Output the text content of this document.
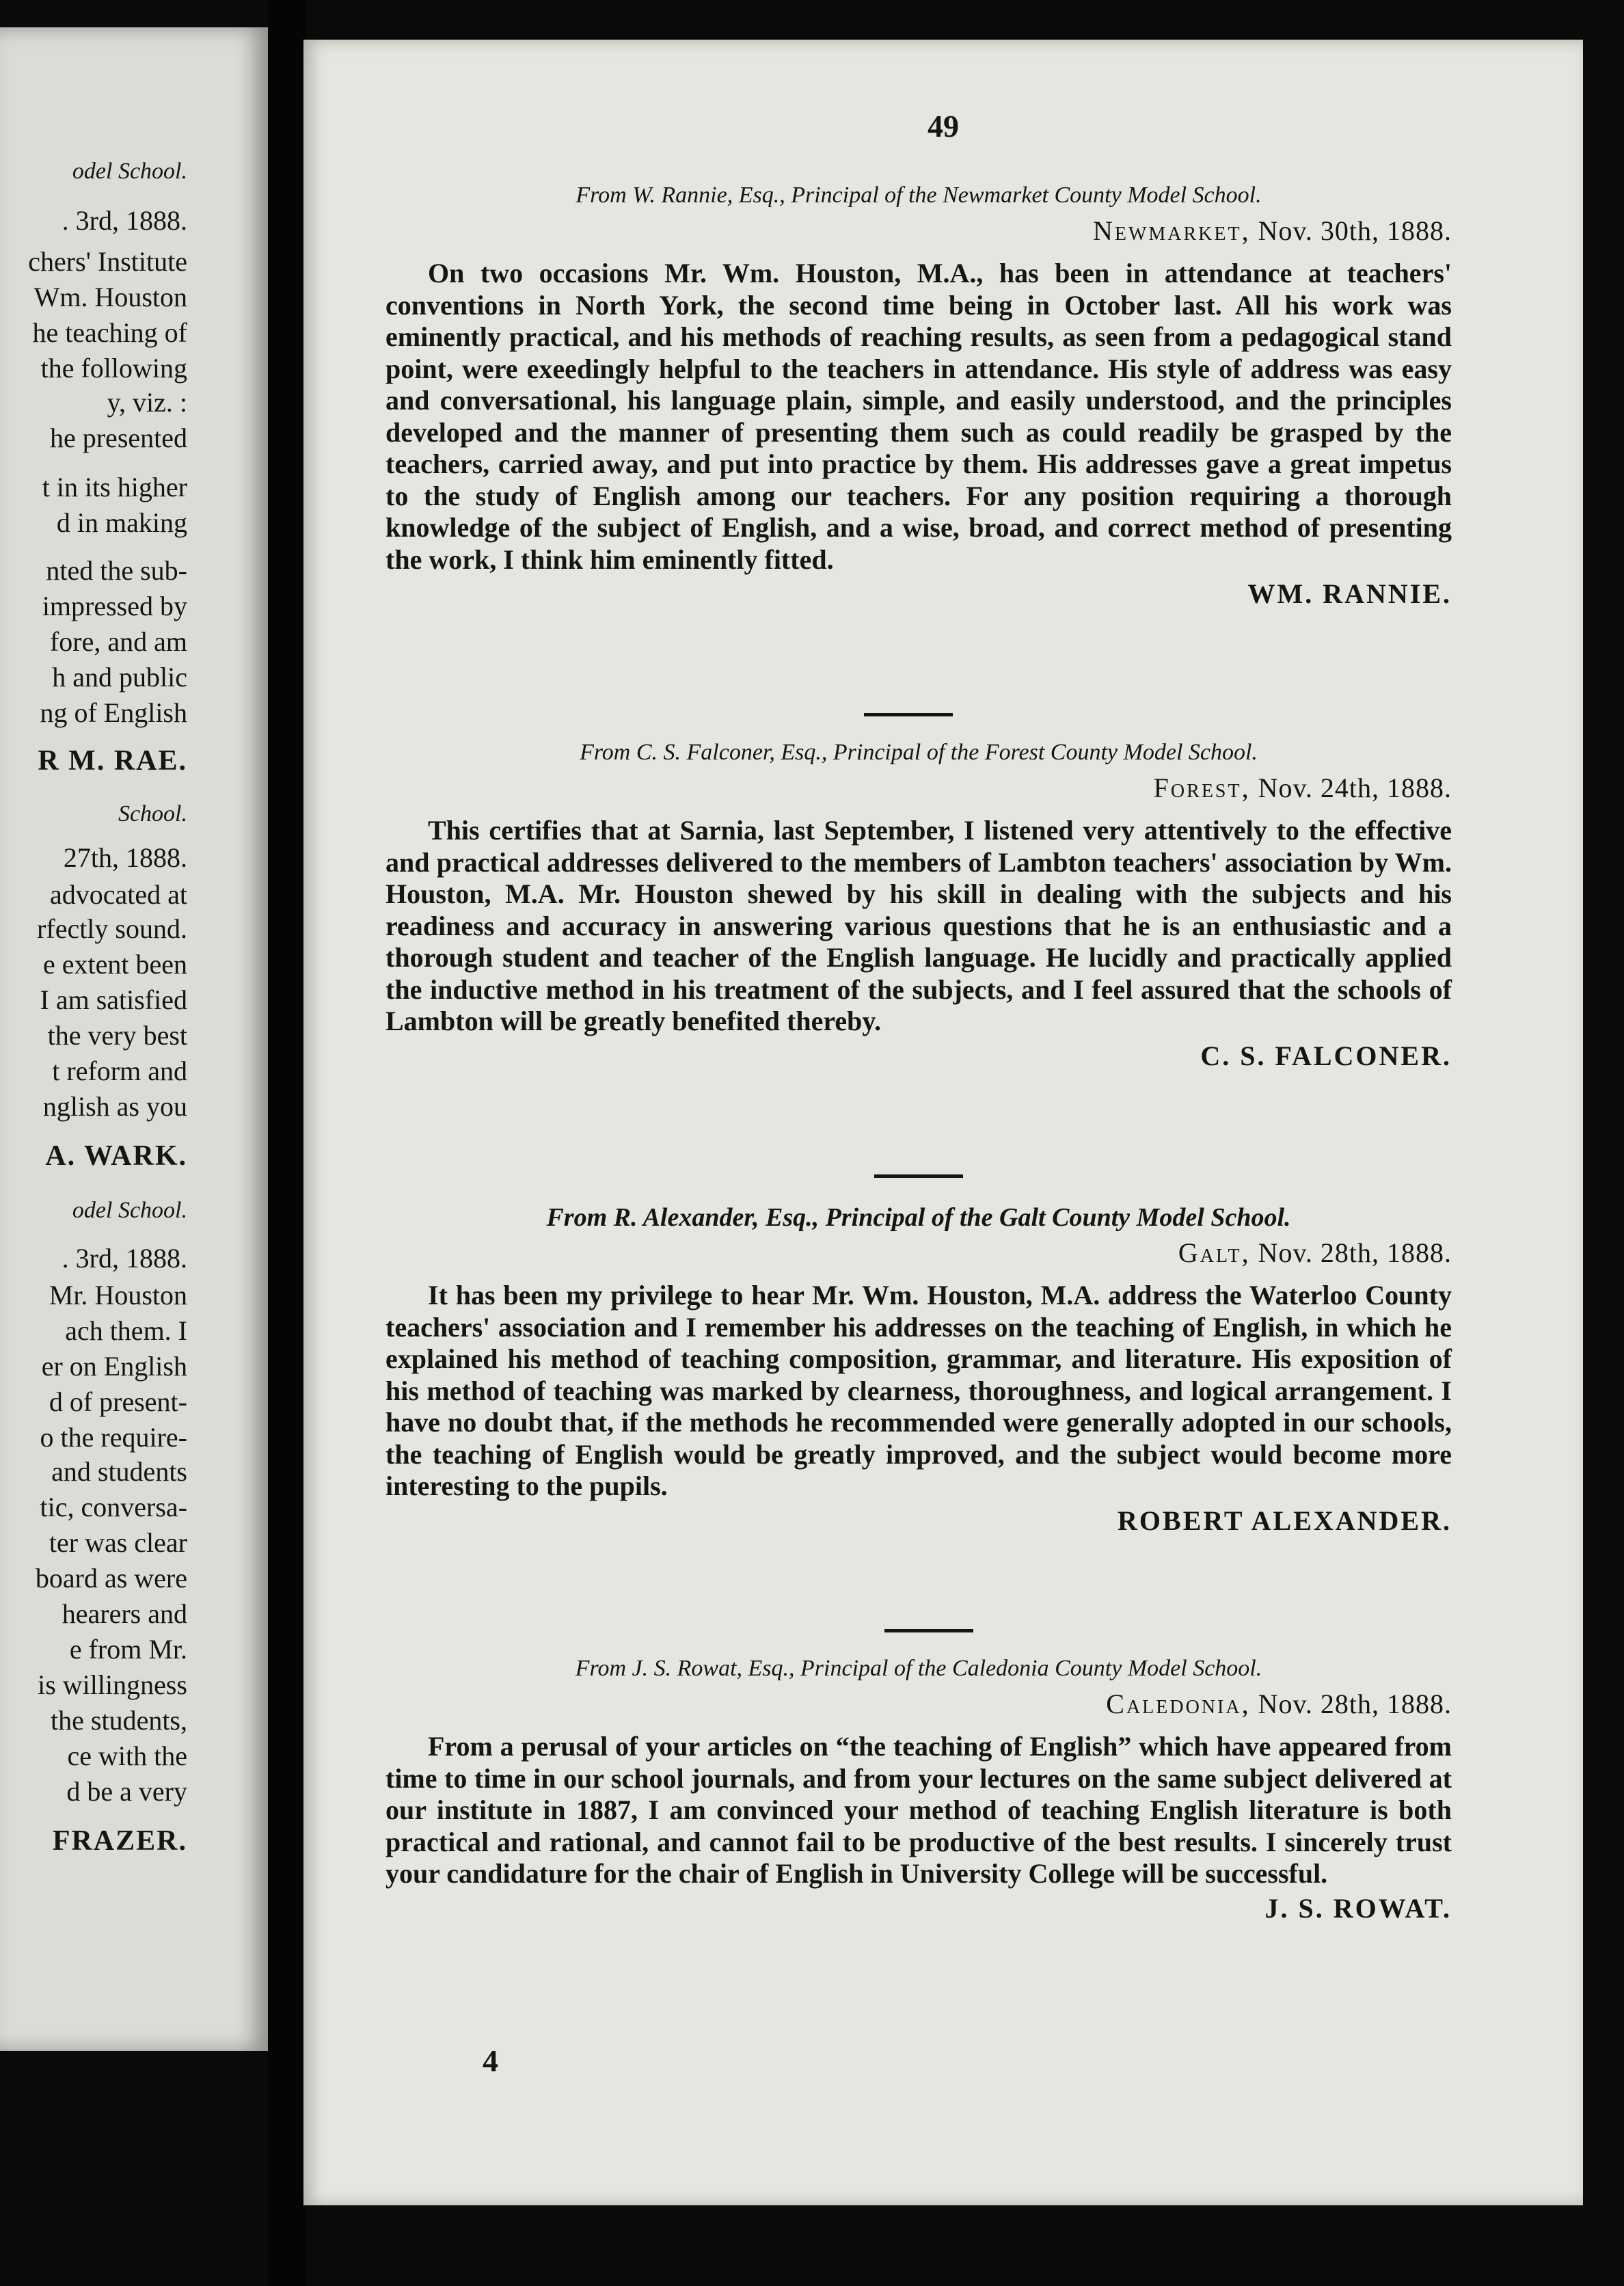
odel School.
. 3rd, 1888.
chers' Institute
Wm. Houston
he teaching of
the following
y, viz. :
he presented
t in its higher
d in making
nted the sub-
impressed by
fore, and am
h and public
ng of English
R M. RAE.
School.
27th, 1888.
advocated at
rfectly sound.
e extent been
I am satisfied
the very best
t reform and
nglish as you
A. WARK.
odel School.
. 3rd, 1888.
Mr. Houston
ach them. I
er on English
d of present-
o the require-
and students
tic, conversa-
ter was clear
board as were
hearers and
e from Mr.
is willingness
the students,
ce with the
d be a very
FRAZER.
49
From W. Rannie, Esq., Principal of the Newmarket County Model School.
Newmarket, Nov. 30th, 1888.
On two occasions Mr. Wm. Houston, M.A., has been in attendance at teachers' conventions in North York, the second time being in October last. All his work was eminently practical, and his methods of reaching results, as seen from a pedagogical stand point, were exeedingly helpful to the teachers in attendance. His style of address was easy and conversational, his language plain, simple, and easily understood, and the principles developed and the manner of presenting them such as could readily be grasped by the teachers, carried away, and put into practice by them. His addresses gave a great impetus to the study of English among our teachers. For any position requiring a thorough knowledge of the subject of English, and a wise, broad, and correct method of presenting the work, I think him eminently fitted.
WM. RANNIE.
From C. S. Falconer, Esq., Principal of the Forest County Model School.
Forest, Nov. 24th, 1888.
This certifies that at Sarnia, last September, I listened very attentively to the effective and practical addresses delivered to the members of Lambton teachers' association by Wm. Houston, M.A. Mr. Houston shewed by his skill in dealing with the subjects and his readiness and accuracy in answering various questions that he is an enthusiastic and a thorough student and teacher of the English language. He lucidly and practically applied the inductive method in his treatment of the subjects, and I feel assured that the schools of Lambton will be greatly benefited thereby.
C. S. FALCONER.
From R. Alexander, Esq., Principal of the Galt County Model School.
Galt, Nov. 28th, 1888.
It has been my privilege to hear Mr. Wm. Houston, M.A. address the Waterloo County teachers' association and I remember his addresses on the teaching of English, in which he explained his method of teaching composition, grammar, and literature. His exposition of his method of teaching was marked by clearness, thoroughness, and logical arrangement. I have no doubt that, if the methods he recommended were generally adopted in our schools, the teaching of English would be greatly improved, and the subject would become more interesting to the pupils.
ROBERT ALEXANDER.
From J. S. Rowat, Esq., Principal of the Caledonia County Model School.
Caledonia, Nov. 28th, 1888.
From a perusal of your articles on “the teaching of English” which have appeared from time to time in our school journals, and from your lectures on the same subject delivered at our institute in 1887, I am convinced your method of teaching English literature is both practical and rational, and cannot fail to be productive of the best results. I sincerely trust your candidature for the chair of English in University College will be successful.
J. S. ROWAT.
4
